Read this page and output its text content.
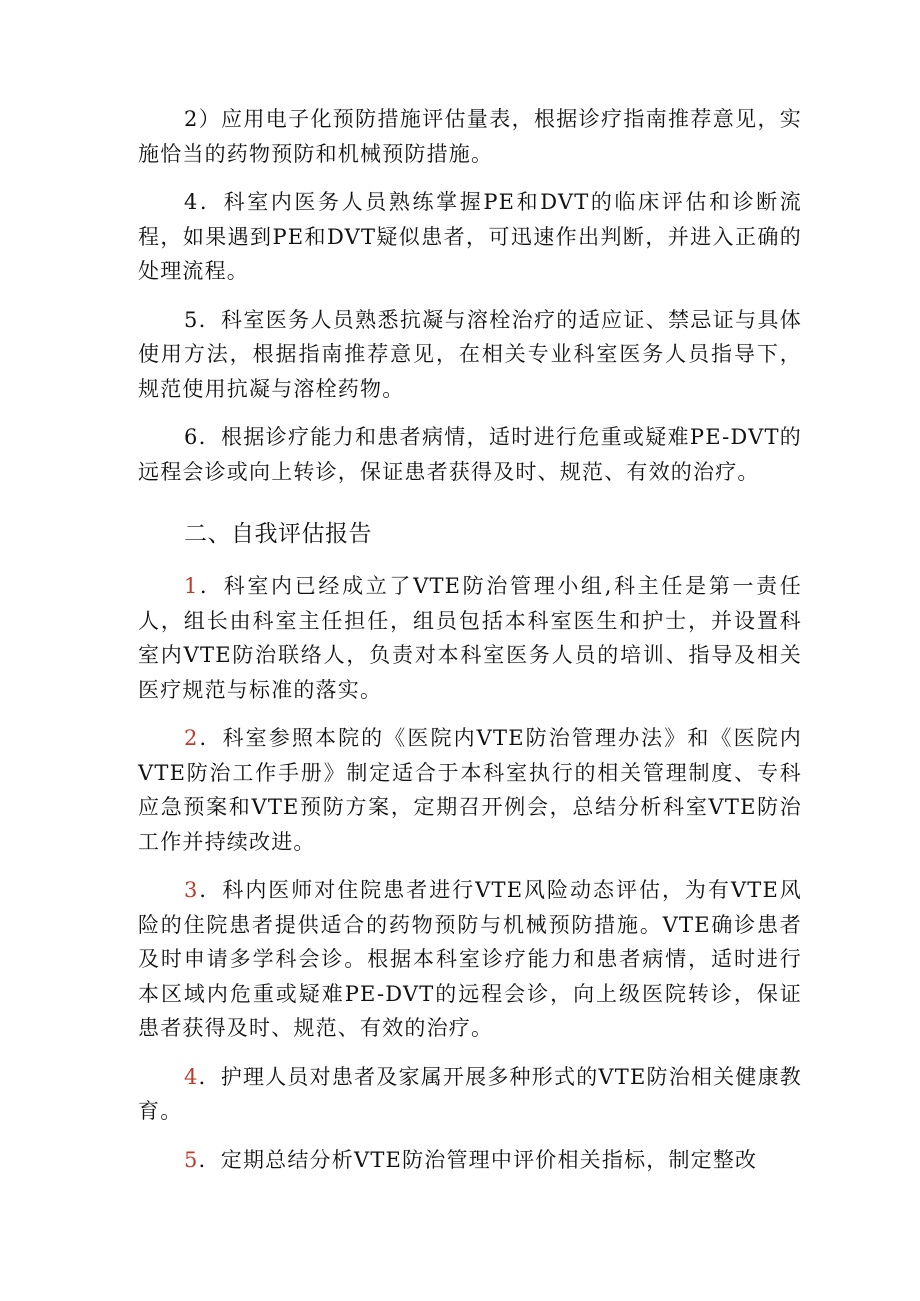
2）应用电子化预防措施评估量表，根据诊疗指南推荐意见，实施恰当的药物预防和机械预防措施。

4．科室内医务人员熟练掌握PE和DVT的临床评估和诊断流程，如果遇到PE和DVT疑似患者，可迅速作出判断，并进入正确的处理流程。

5．科室医务人员熟悉抗凝与溶栓治疗的适应证、禁忌证与具体使用方法，根据指南推荐意见，在相关专业科室医务人员指导下，规范使用抗凝与溶栓药物。

6．根据诊疗能力和患者病情，适时进行危重或疑难PE-DVT的远程会诊或向上转诊，保证患者获得及时、规范、有效的治疗。

二、自我评估报告

1．科室内已经成立了VTE防治管理小组,科主任是第一责任人，组长由科室主任担任，组员包括本科室医生和护士，并设置科室内VTE防治联络人，负责对本科室医务人员的培训、指导及相关医疗规范与标准的落实。

2．科室参照本院的《医院内VTE防治管理办法》和《医院内VTE防治工作手册》制定适合于本科室执行的相关管理制度、专科应急预案和VTE预防方案，定期召开例会，总结分析科室VTE防治工作并持续改进。

3．科内医师对住院患者进行VTE风险动态评估，为有VTE风险的住院患者提供适合的药物预防与机械预防措施。VTE确诊患者及时申请多学科会诊。根据本科室诊疗能力和患者病情，适时进行本区域内危重或疑难PE-DVT的远程会诊，向上级医院转诊，保证患者获得及时、规范、有效的治疗。

4．护理人员对患者及家属开展多种形式的VTE防治相关健康教育。

5．定期总结分析VTE防治管理中评价相关指标，制定整改
